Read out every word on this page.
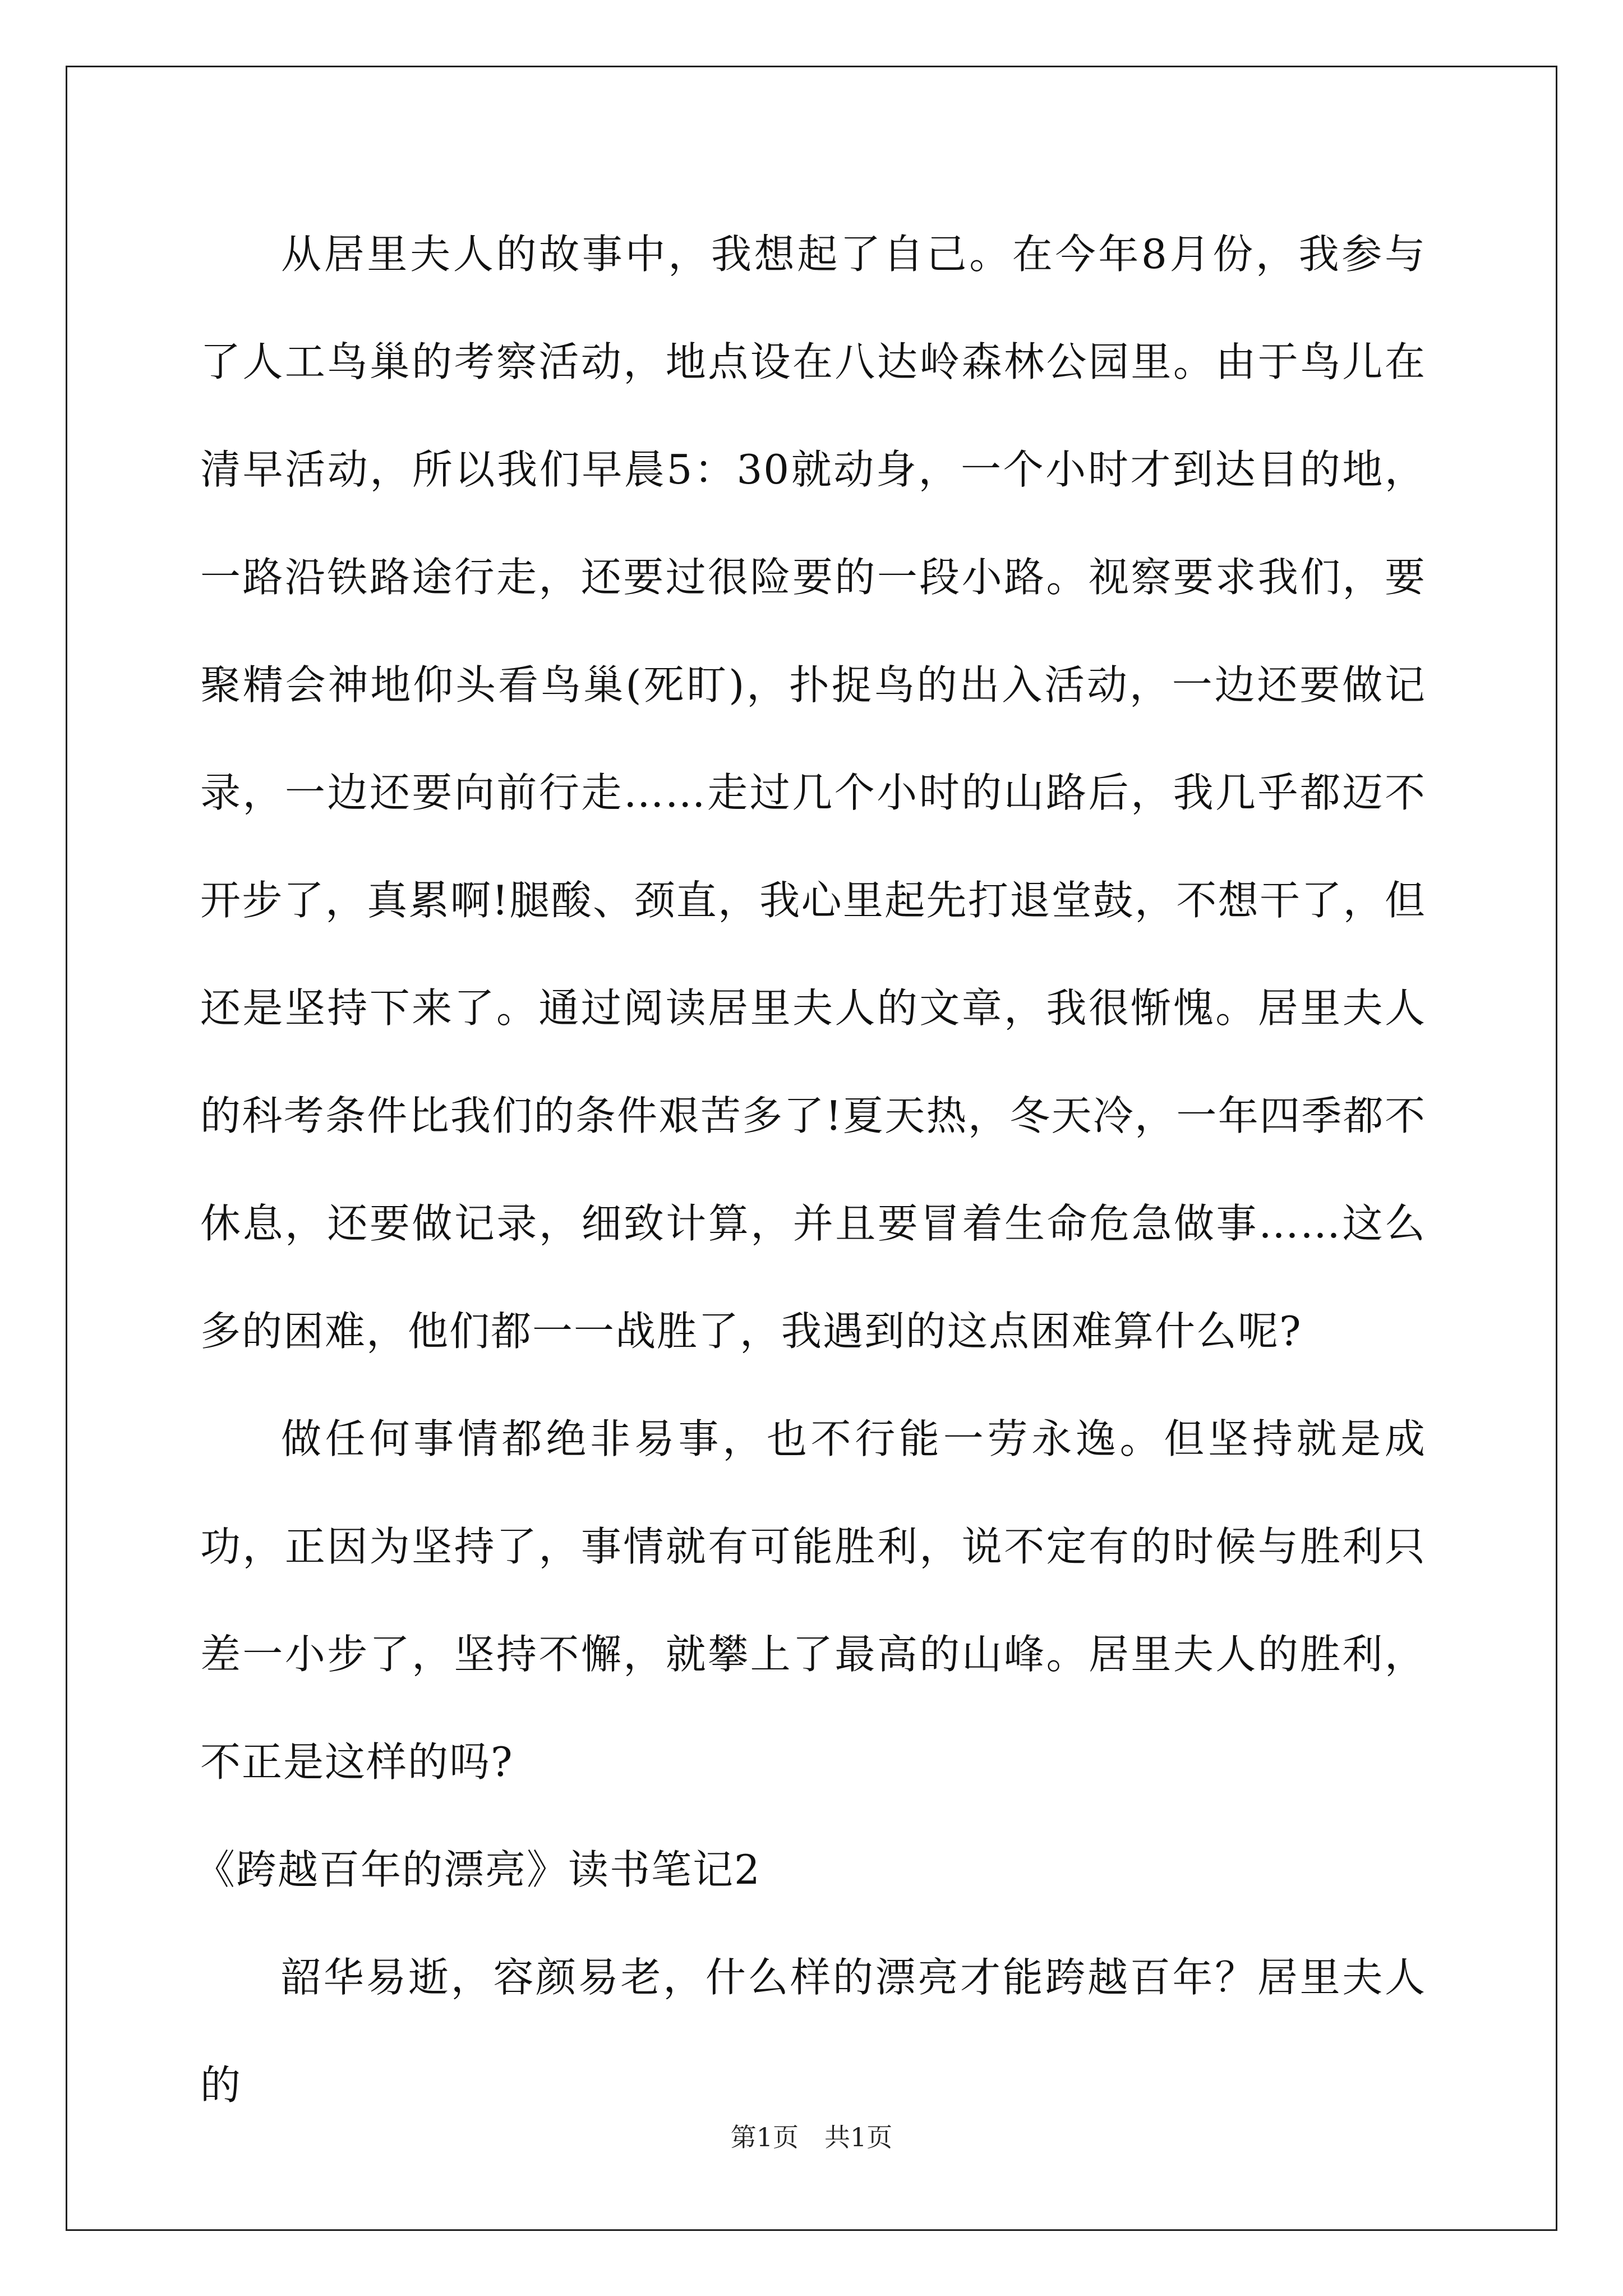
从居里夫人的故事中，我想起了自己。在今年8月份，我参与了人工鸟巢的考察活动，地点设在八达岭森林公园里。由于鸟儿在清早活动，所以我们早晨5：30就动身，一个小时才到达目的地，一路沿铁路途行走，还要过很险要的一段小路。视察要求我们，要聚精会神地仰头看鸟巢(死盯)，扑捉鸟的出入活动，一边还要做记录，一边还要向前行走……走过几个小时的山路后，我几乎都迈不开步了，真累啊!腿酸、颈直，我心里起先打退堂鼓，不想干了，但还是坚持下来了。通过阅读居里夫人的文章，我很惭愧。居里夫人的科考条件比我们的条件艰苦多了!夏天热，冬天冷，一年四季都不休息，还要做记录，细致计算，并且要冒着生命危急做事……这么多的困难，他们都一一战胜了，我遇到的这点困难算什么呢?

做任何事情都绝非易事，也不行能一劳永逸。但坚持就是成功，正因为坚持了，事情就有可能胜利，说不定有的时候与胜利只差一小步了，坚持不懈，就攀上了最高的山峰。居里夫人的胜利，不正是这样的吗?

《跨越百年的漂亮》读书笔记2

韶华易逝，容颜易老，什么样的漂亮才能跨越百年？居里夫人的

第1页 共1页
